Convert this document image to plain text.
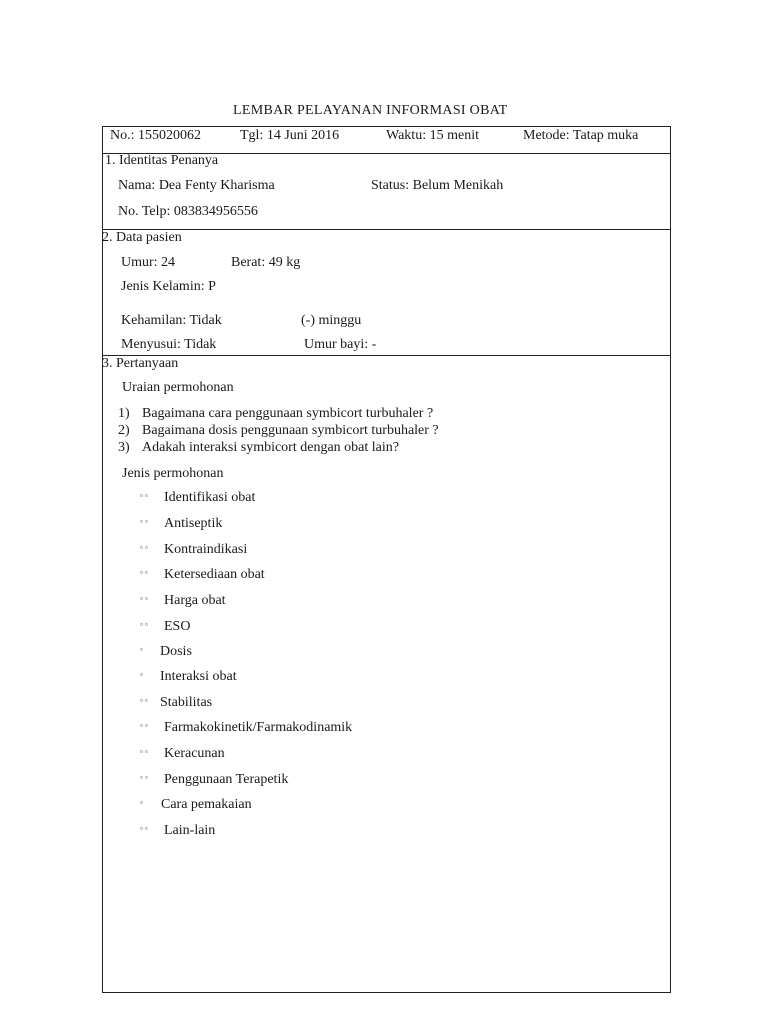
LEMBAR PELAYANAN INFORMASI OBAT
No.: 155020062	Tgl: 14 Juni 2016	Waktu: 15 menit	Metode: Tatap muka
1. Identitas Penanya
Nama: Dea Fenty Kharisma	Status: Belum Menikah
No. Telp: 083834956556
2. Data pasien
Umur: 24	Berat: 49 kg
Jenis Kelamin: P
Kehamilan: Tidak	(-) minggu
Menyusui: Tidak	Umur bayi: -
3. Pertanyaan
Uraian permohonan
1) Bagaimana cara penggunaan symbicort turbuhaler ?
2) Bagaimana dosis penggunaan symbicort turbuhaler ?
3) Adakah interaksi symbicort dengan obat lain?
Jenis permohonan
▫▫ Identifikasi obat
▫▫ Antiseptik
▫▫ Kontraindikasi
▫▫ Ketersediaan obat
▫▫ Harga obat
▫▫ ESO
▫ Dosis
▫ Interaksi obat
▫▫ Stabilitas
▫▫ Farmakokinetik/Farmakodinamik
▫▫ Keracunan
▫▫ Penggunaan Terapetik
▫ Cara pemakaian
▫▫ Lain-lain
